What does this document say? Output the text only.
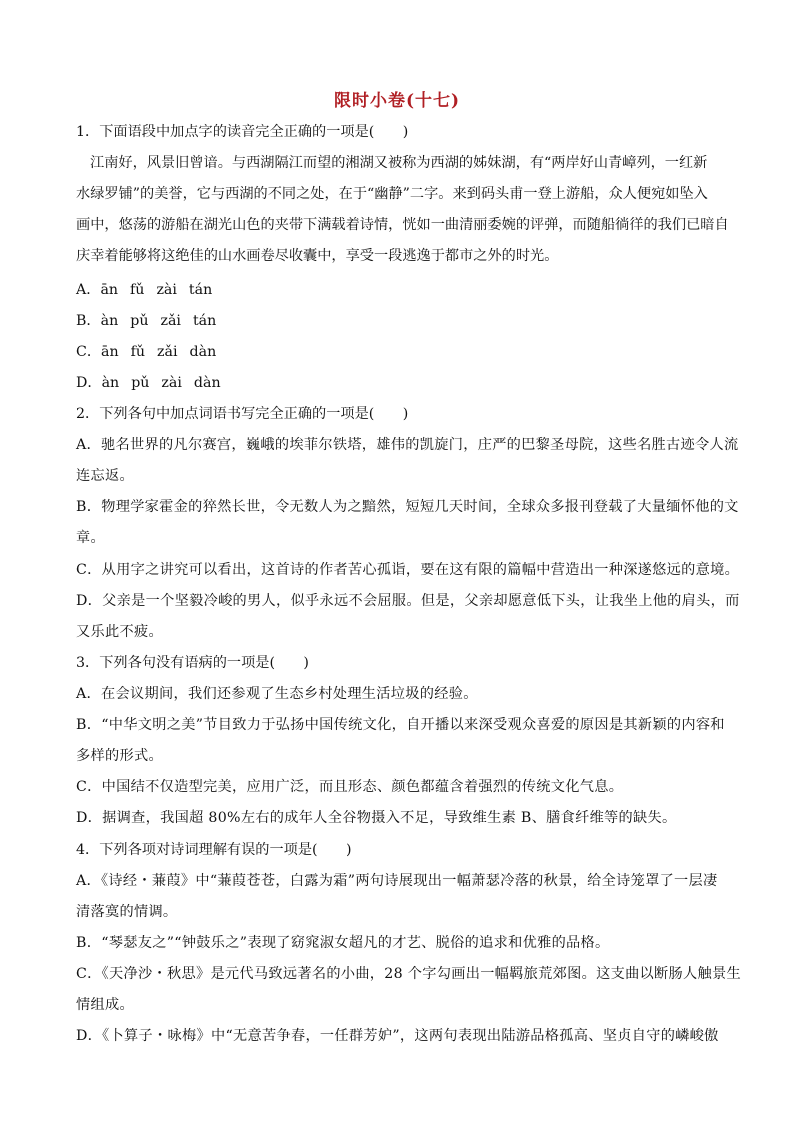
限时小卷(十七)
1．下面语段中加点字的读音完全正确的一项是(　　)
江南好，风景旧曾谙。与西湖隔江而望的湘湖又被称为西湖的姊妹湖，有“两岸好山青嶂列，一红新
水绿罗铺”的美誉，它与西湖的不同之处，在于“幽静”二字。来到码头甫一登上游船，众人便宛如坠入
画中，悠荡的游船在湖光山色的夹带下满载着诗情，恍如一曲清丽委婉的评弹，而随船徜徉的我们已暗自
庆幸着能够将这绝佳的山水画卷尽收囊中，享受一段逃逸于都市之外的时光。
A．ān fǔ zài tán
B．àn pǔ zǎi tán
C．ān fǔ zǎi dàn
D．àn pǔ zài dàn
2．下列各句中加点词语书写完全正确的一项是(　　)
A．驰名世界的凡尔赛宫，巍峨的埃菲尔铁塔，雄伟的凯旋门，庄严的巴黎圣母院，这些名胜古迹令人流
连忘返。
B．物理学家霍金的猝然长世，令无数人为之黯然，短短几天时间，全球众多报刊登载了大量缅怀他的文
章。
C．从用字之讲究可以看出，这首诗的作者苦心孤诣，要在这有限的篇幅中营造出一种深遂悠远的意境。
D．父亲是一个坚毅冷峻的男人，似乎永远不会屈服。但是，父亲却愿意低下头，让我坐上他的肩头，而
又乐此不疲。
3．下列各句没有语病的一项是(　　)
A．在会议期间，我们还参观了生态乡村处理生活垃圾的经验。
B．“中华文明之美”节目致力于弘扬中国传统文化，自开播以来深受观众喜爱的原因是其新颖的内容和
多样的形式。
C．中国结不仅造型完美，应用广泛，而且形态、颜色都蕴含着强烈的传统文化气息。
D．据调查，我国超 80%左右的成年人全谷物摄入不足，导致维生素 B、膳食纤维等的缺失。
4．下列各项对诗词理解有误的一项是(　　)
A．《诗经・蒹葭》中“蒹葭苍苍，白露为霜”两句诗展现出一幅萧瑟冷落的秋景，给全诗笼罩了一层凄
清落寞的情调。
B．“琴瑟友之”“钟鼓乐之”表现了窈窕淑女超凡的才艺、脱俗的追求和优雅的品格。
C．《天净沙・秋思》是元代马致远著名的小曲，28 个字勾画出一幅羁旅荒郊图。这支曲以断肠人触景生
情组成。
D．《卜算子・咏梅》中“无意苦争春，一任群芳妒”，这两句表现出陆游品格孤高、坚贞自守的嶙峻傲
